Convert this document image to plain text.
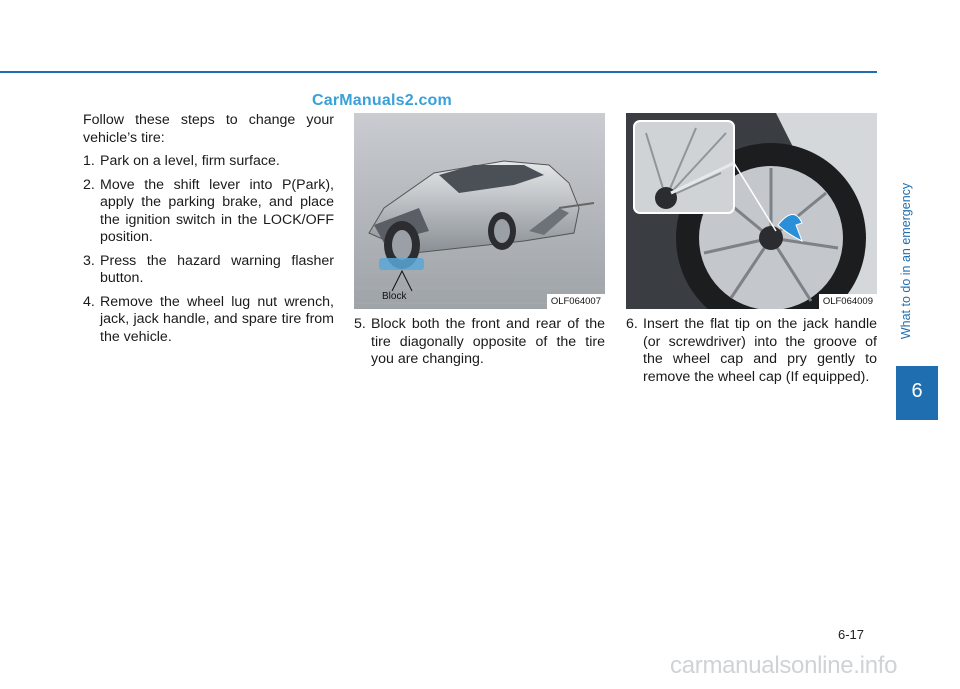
CarManuals2.com

Follow these steps to change your vehicle’s tire:

1. Park on a level, firm surface.
2. Move the shift lever into P(Park), apply the parking brake, and place the ignition switch in the LOCK/OFF position.
3. Press the hazard warning flasher button.
4. Remove the wheel lug nut wrench, jack, jack handle, and spare tire from the vehicle.
Block	OLF064007	OLF064009
5. Block both the front and rear of the tire diagonally opposite of the tire you are changing.
6. Insert the flat tip on the jack handle (or screwdriver) into the groove of the wheel cap and pry gently to remove the wheel cap (If equipped).
What to do in an emergency
6
6-17
carmanualsonline.info
